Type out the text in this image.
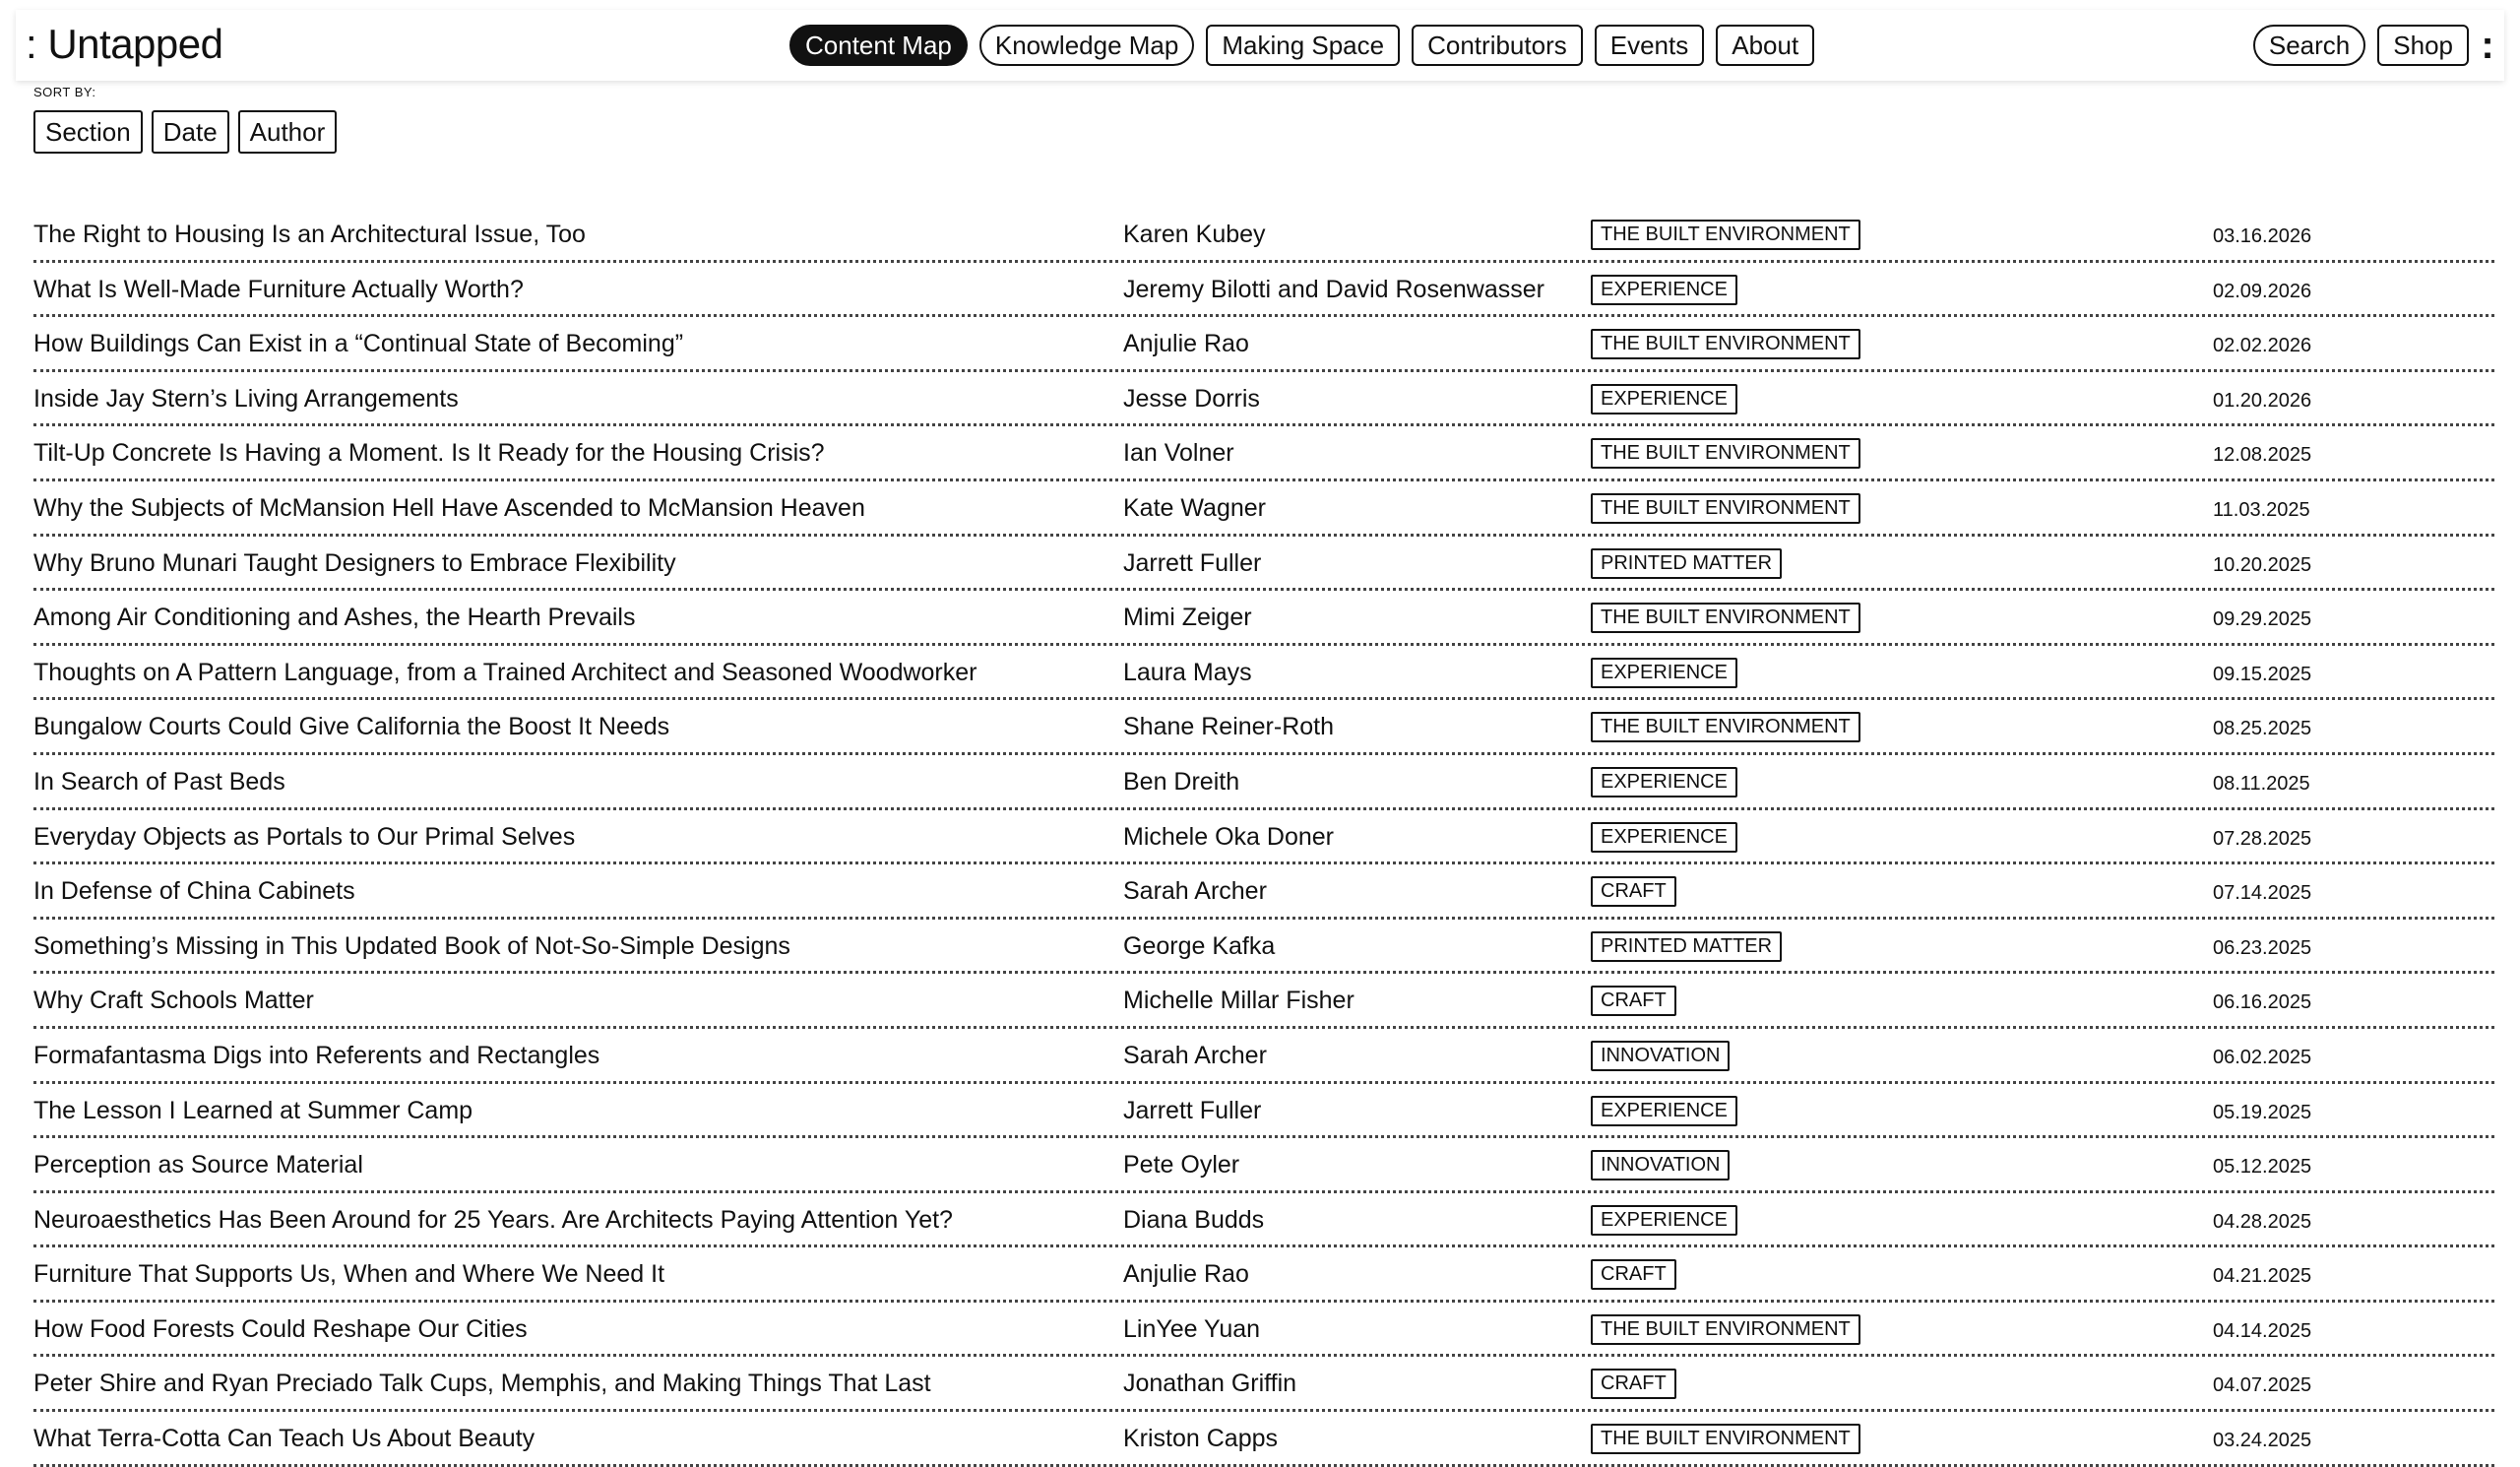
: Untapped	Content Map	Knowledge Map	Making Space	Contributors	Events	About	Search	Shop :
SORT BY:
Section	Date	Author
The Right to Housing Is an Architectural Issue, Too	Karen Kubey	THE BUILT ENVIRONMENT	03.16.2026
What Is Well-Made Furniture Actually Worth?	Jeremy Bilotti and David Rosenwasser	EXPERIENCE	02.09.2026
How Buildings Can Exist in a “Continual State of Becoming”	Anjulie Rao	THE BUILT ENVIRONMENT	02.02.2026
Inside Jay Stern’s Living Arrangements	Jesse Dorris	EXPERIENCE	01.20.2026
Tilt-Up Concrete Is Having a Moment. Is It Ready for the Housing Crisis?	Ian Volner	THE BUILT ENVIRONMENT	12.08.2025
Why the Subjects of McMansion Hell Have Ascended to McMansion Heaven	Kate Wagner	THE BUILT ENVIRONMENT	11.03.2025
Why Bruno Munari Taught Designers to Embrace Flexibility	Jarrett Fuller	PRINTED MATTER	10.20.2025
Among Air Conditioning and Ashes, the Hearth Prevails	Mimi Zeiger	THE BUILT ENVIRONMENT	09.29.2025
Thoughts on A Pattern Language, from a Trained Architect and Seasoned Woodworker	Laura Mays	EXPERIENCE	09.15.2025
Bungalow Courts Could Give California the Boost It Needs	Shane Reiner-Roth	THE BUILT ENVIRONMENT	08.25.2025
In Search of Past Beds	Ben Dreith	EXPERIENCE	08.11.2025
Everyday Objects as Portals to Our Primal Selves	Michele Oka Doner	EXPERIENCE	07.28.2025
In Defense of China Cabinets	Sarah Archer	CRAFT	07.14.2025
Something’s Missing in This Updated Book of Not-So-Simple Designs	George Kafka	PRINTED MATTER	06.23.2025
Why Craft Schools Matter	Michelle Millar Fisher	CRAFT	06.16.2025
Formafantasma Digs into Referents and Rectangles	Sarah Archer	INNOVATION	06.02.2025
The Lesson I Learned at Summer Camp	Jarrett Fuller	EXPERIENCE	05.19.2025
Perception as Source Material	Pete Oyler	INNOVATION	05.12.2025
Neuroaesthetics Has Been Around for 25 Years. Are Architects Paying Attention Yet?	Diana Budds	EXPERIENCE	04.28.2025
Furniture That Supports Us, When and Where We Need It	Anjulie Rao	CRAFT	04.21.2025
How Food Forests Could Reshape Our Cities	LinYee Yuan	THE BUILT ENVIRONMENT	04.14.2025
Peter Shire and Ryan Preciado Talk Cups, Memphis, and Making Things That Last	Jonathan Griffin	CRAFT	04.07.2025
What Terra-Cotta Can Teach Us About Beauty	Kriston Capps	THE BUILT ENVIRONMENT	03.24.2025
